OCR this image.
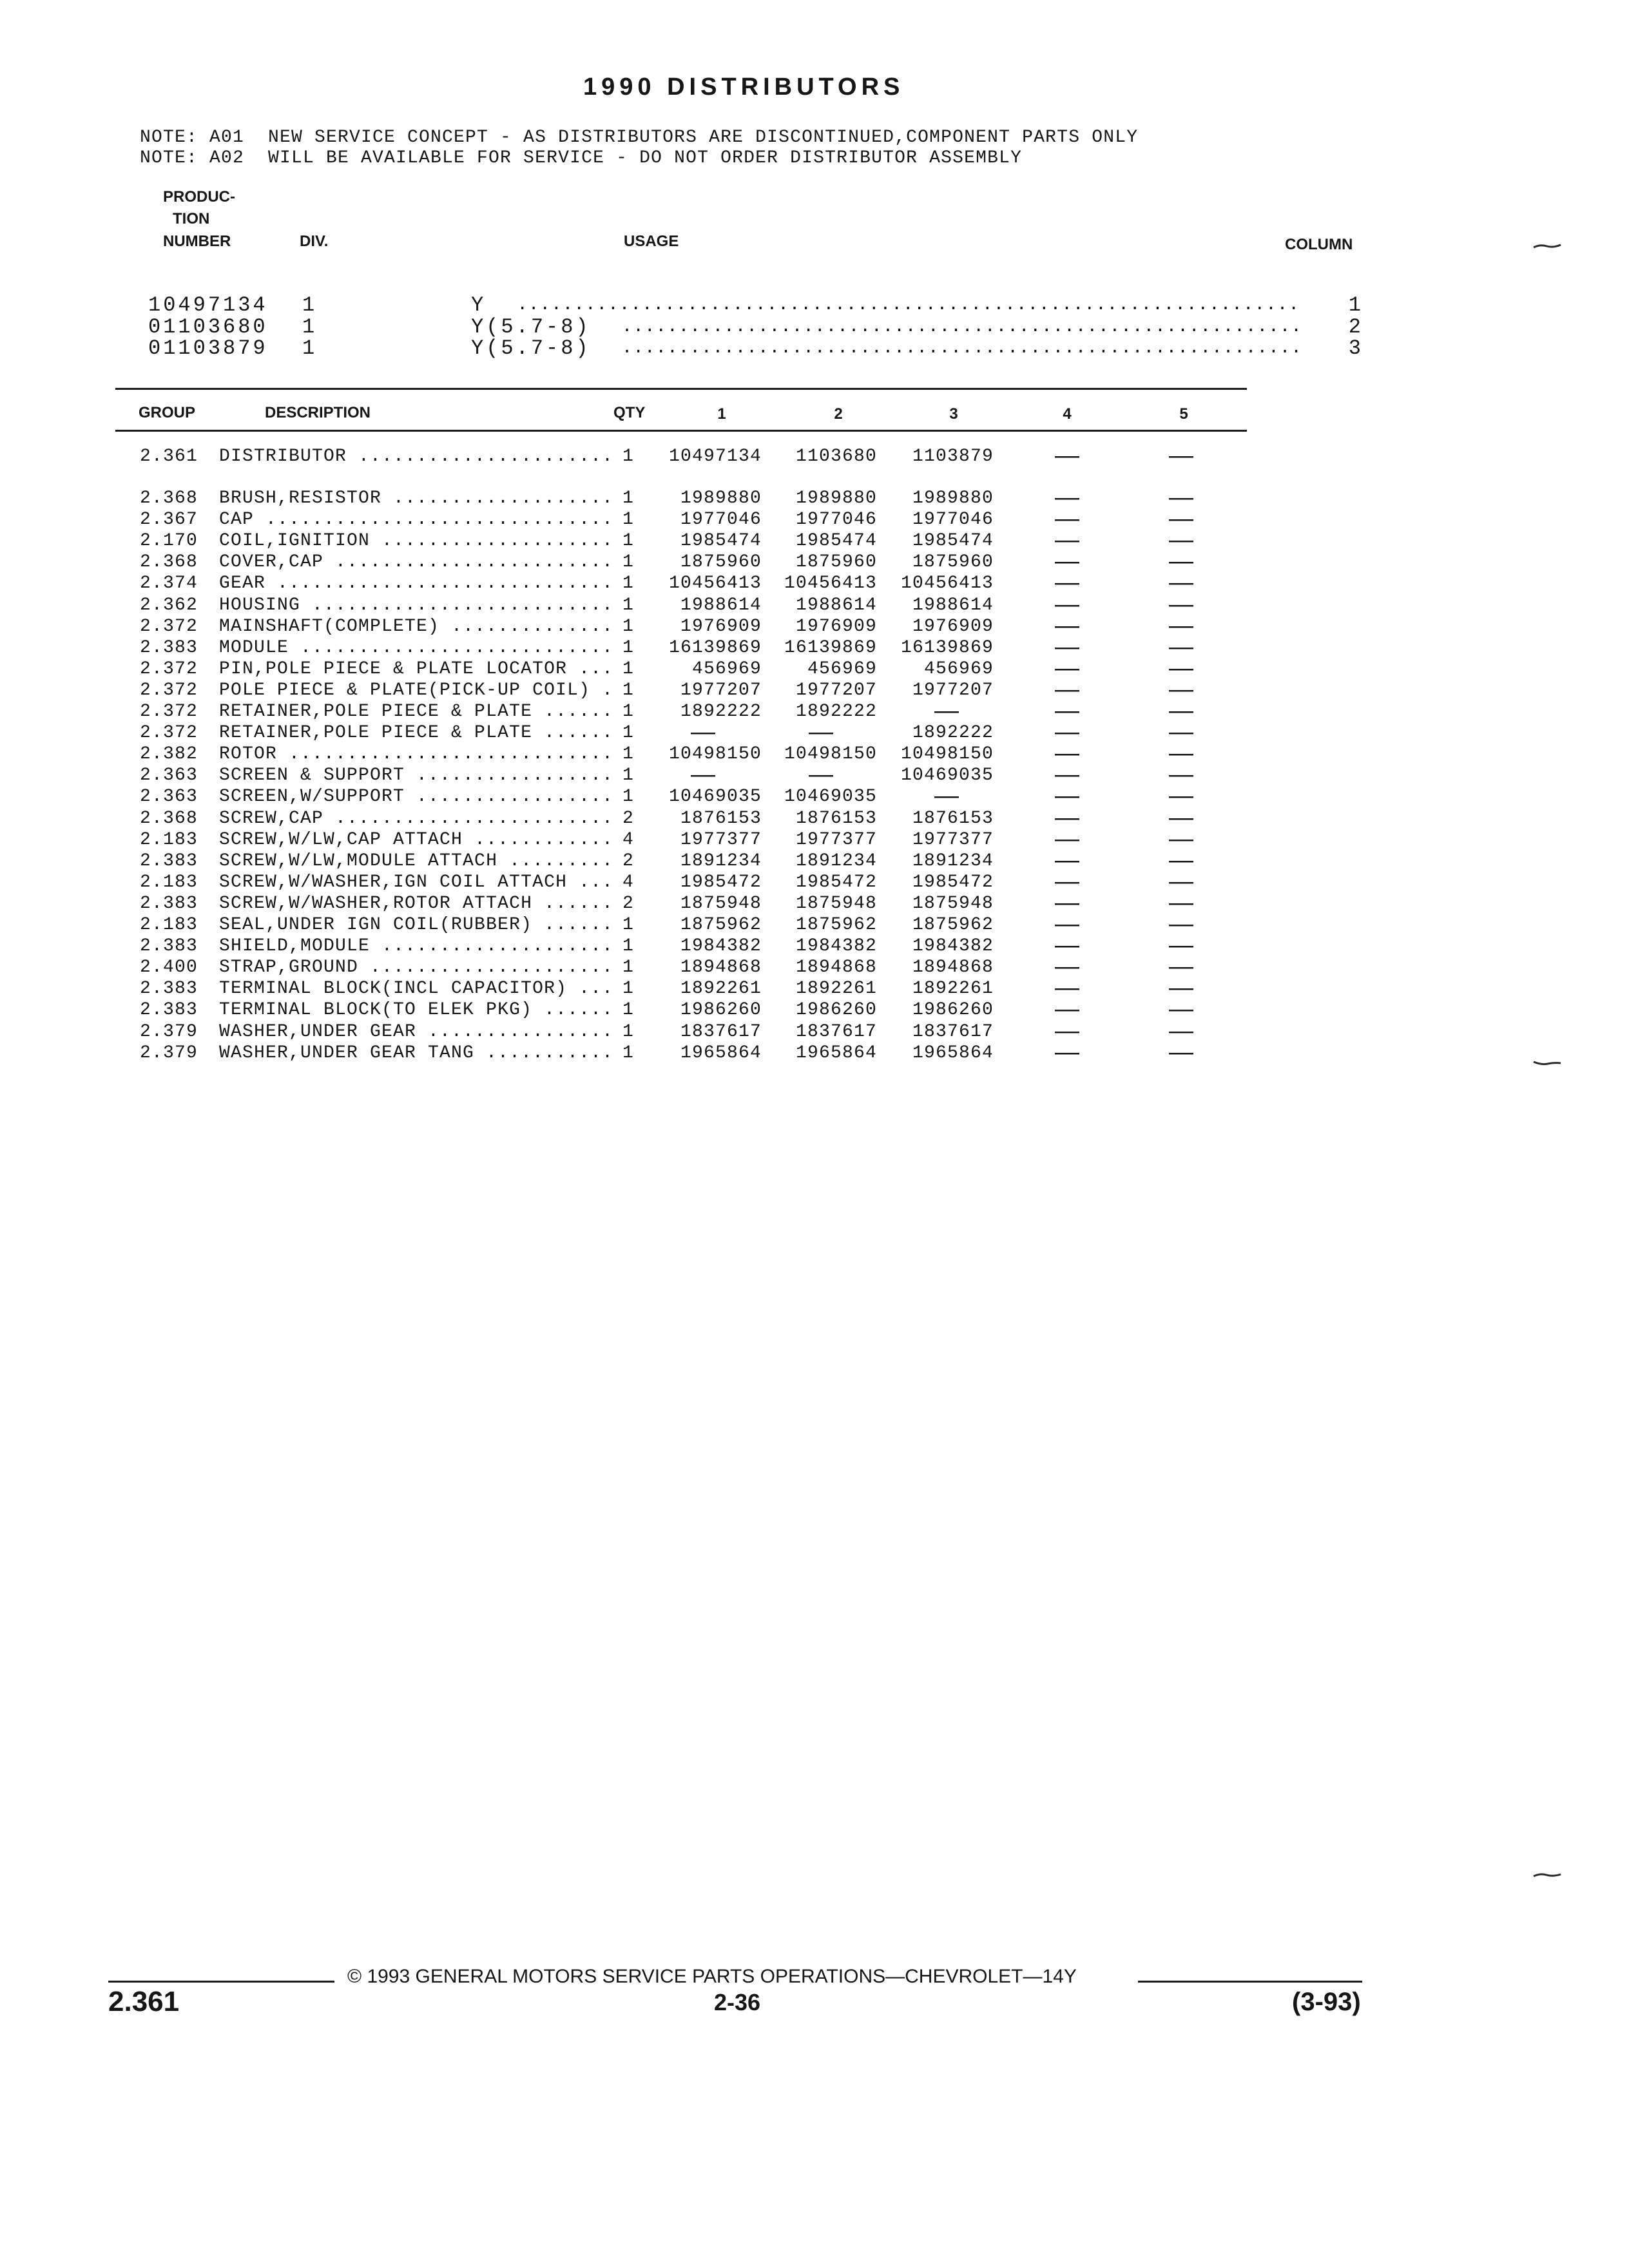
1990 DISTRIBUTORS
NOTE: A01 NEW SERVICE CONCEPT - AS DISTRIBUTORS ARE DISCONTINUED,COMPONENT PARTS ONLY
NOTE: A02 WILL BE AVAILABLE FOR SERVICE - DO NOT ORDER DISTRIBUTOR ASSEMBLY
PRODUC-
TION
NUMBER	DIV.	USAGE	COLUMN
10497134 1	Y .....	1
01103680 1	Y(5.7-8) .....	2
01103879 1	Y(5.7-8) .....	3
GROUP	DESCRIPTION	QTY	1	2	3	4	5
2.361 DISTRIBUTOR .....	1 10497134 1103680 1103879	—	—
2.368 BRUSH,RESISTOR .....	1	1989880 1989880 1989880	—	—
2.367 CAP .....	1	1977046 1977046 1977046	—	—
2.170 COIL,IGNITION .....	1	1985474 1985474 1985474	—	—
2.368 COVER,CAP .....	1	1875960 1875960 1875960	—	—
2.374 GEAR .....	1 10456413 10456413 10456413	—	—
2.362 HOUSING .....	1	1988614 1988614 1988614	—	—
2.372 MAINSHAFT(COMPLETE) .....	1	1976909 1976909 1976909	—	—
2.383 MODULE .....	1 16139869 16139869 16139869	—	—
2.372 PIN,POLE PIECE & PLATE LOCATOR .....	1	456969	456969	456969	—	—
2.372 POLE PIECE & PLATE(PICK-UP COIL) ..... 1	1977207 1977207 1977207	—	—
2.372 RETAINER,POLE PIECE & PLATE .....	1	1892222 1892222 —	—	—
2.372 RETAINER,POLE PIECE & PLATE .....	1 —	—	1892222	—	—
2.382 ROTOR .....	1 10498150 10498150 10498150	—	—
2.363 SCREEN & SUPPORT .....	1 —	—	10469035	—	—
2.363 SCREEN,W/SUPPORT .....	1 10469035 10469035 —	—	—
2.368 SCREW,CAP .....	2	1876153 1876153 1876153	—	—
2.183 SCREW,W/LW,CAP ATTACH .....	4	1977377 1977377 1977377	—	—
2.383 SCREW,W/LW,MODULE ATTACH .....	2	1891234 1891234 1891234	—	—
2.183 SCREW,W/WASHER,IGN COIL ATTACH .....	4	1985472 1985472 1985472	—	—
2.383 SCREW,W/WASHER,ROTOR ATTACH .....	2	1875948 1875948 1875948	—	—
2.183 SEAL,UNDER IGN COIL(RUBBER) .....	1	1875962 1875962 1875962	—	—
2.383 SHIELD,MODULE .....	1	1984382 1984382 1984382	—	—
2.400 STRAP,GROUND .....	1	1894868 1894868 1894868	—	—
2.383 TERMINAL BLOCK(INCL CAPACITOR) .....	1	1892261 1892261 1892261	—	—
2.383 TERMINAL BLOCK(TO ELEK PKG) .....	1	1986260 1986260 1986260	—	—
2.379 WASHER,UNDER GEAR .....	1	1837617 1837617 1837617	—	—
2.379 WASHER,UNDER GEAR TANG .....	1	1965864 1965864 1965864	—	—
© 1993 GENERAL MOTORS SERVICE PARTS OPERATIONS—CHEVROLET—14Y
2.361	2-36	(3-93)
